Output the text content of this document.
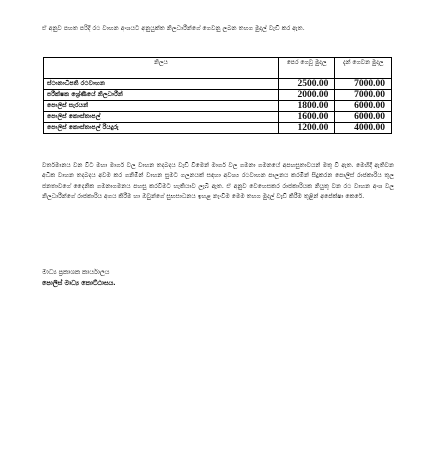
ඒ අනුව පහත පරිදි රථ වාහන අංශයට අනුයුක්ත නිලධාරීන්ගේ ගෙවනු ලබන තහග මුදල් වැඩි කර ඇත.

නිලය	පෙර ගෙවූ මුදල	දැන් ගෙවන මුදල
ස්ථානාධිපති රථවාහන	2500.00	7000.00
පරීක්ෂක ශ්‍රේණියේ නිලධාරීන්	2000.00	7000.00
පොලිස් සැරයන්	1800.00	6000.00
පොලිස් කොස්තාපල්	1600.00	6000.00
පොලිස් කොස්තාපල් රියදුරු	1200.00	4000.00

වර්තමානය වන විට මහා මාර්ග වල වාහන තදබදය වැඩි වීමෙන් මාර්ග වල ගමනා ගමනයේ අපහසුතාවයන් මතු වී ඇත. මෙහිදී ඇතිවන අධික වාහන තදබදය අවම කර ගනිමින් වාහන සුමට ගලනයක් සඳහා අවශ්‍ය රථවාහන පාලනය කරමින් සිදුකරන පොලිස් රාජකාරිය තුල ජනතාවගේ දෛනික ගමනාගමනය පහසු කරවීමට හැකියාව ලැබී ඇත. ඒ අනුව වෙහෙසකර රාජකාරියක නියුතු වන රථ වාහන අංශ වල නිලධාරීන්ගේ රාජකාරිය අගය කිරීම හා ඔවුන්ගේ සුභසාධනය ඉහළ නැංවීම මෙම තහග මුදල් වැඩි කිරීම තුළින් අපේක්ෂා කෙරේ.

මාධ්‍ය ප්‍රකාශක කාර්යාලය
පොලිස් මාධ්‍ය කොට්ඨාසය.
